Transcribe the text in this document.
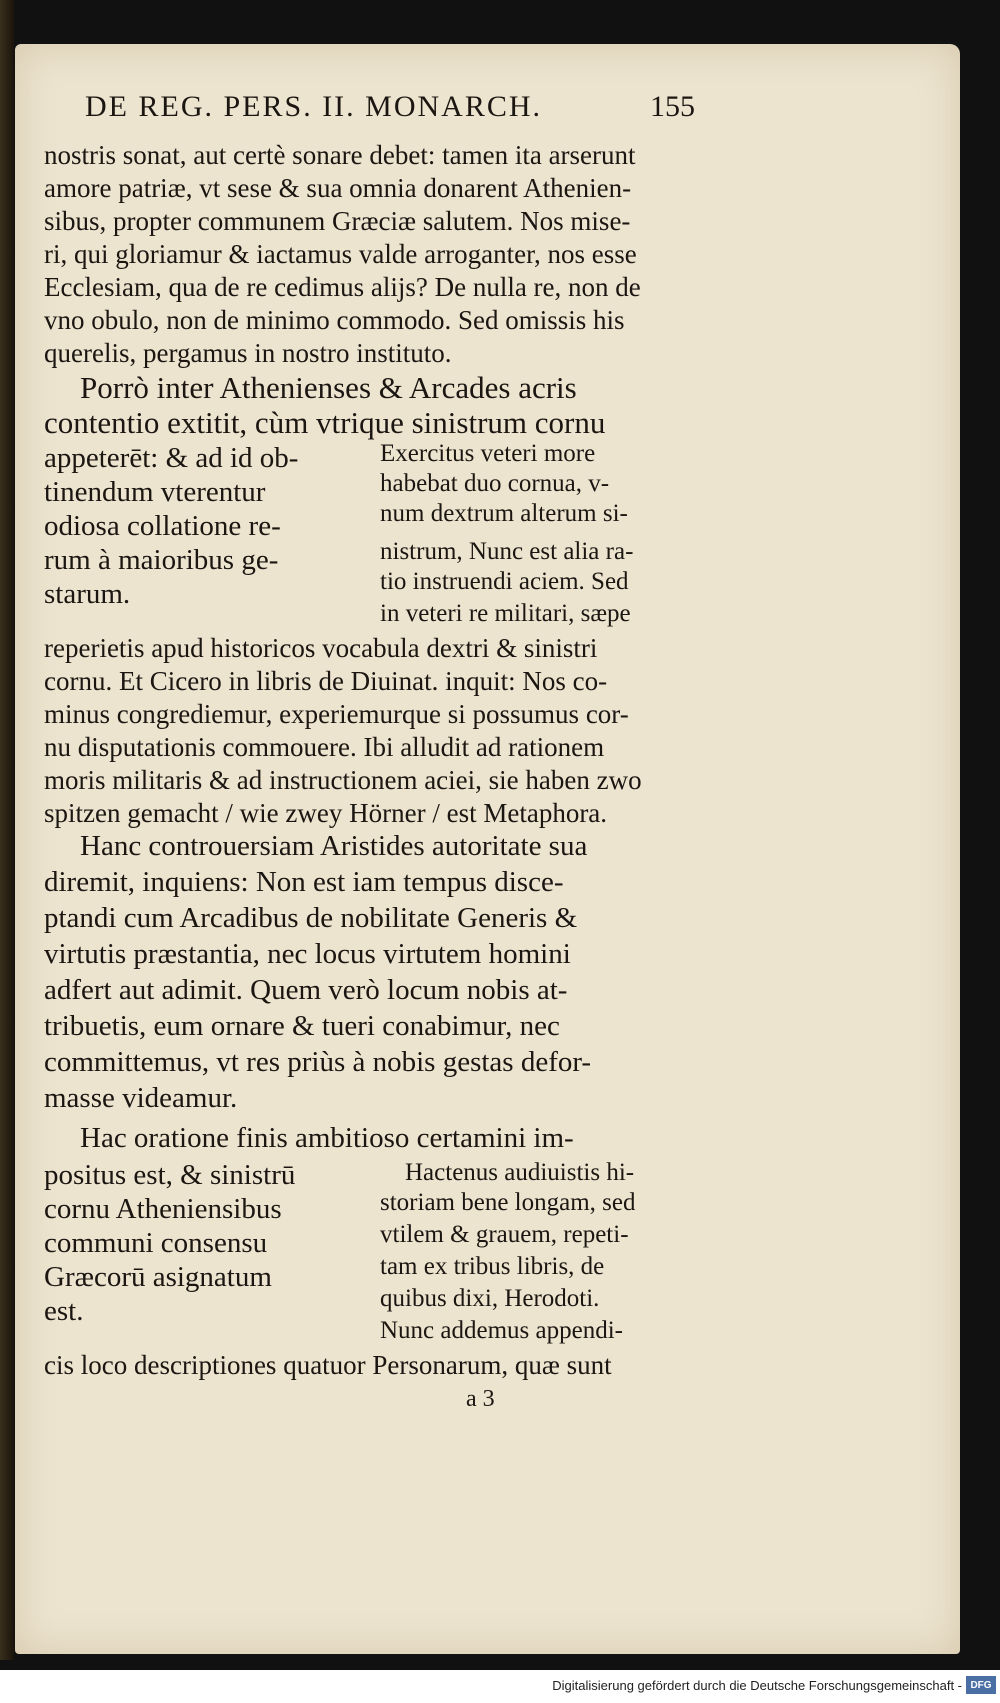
DE REG. PERS. II. MONARCH.	155
nostris sonat, aut certè sonare debet: tamen ita arserunt
amore patriæ, vt sese & sua omnia donarent Athenien-
sibus, propter communem Græciæ salutem. Nos mise-
ri, qui gloriamur & iactamus valde arroganter, nos esse
Ecclesiam, qua de re cedimus alijs? De nulla re, non de
vno obulo, non de minimo commodo. Sed omissis his
querelis, pergamus in nostro instituto.
Porrò inter Athenienses & Arcades acris
contentio extitit, cùm vtrique sinistrum cornu
appeterēt: & ad id ob-
tinendum vterentur
odiosa collatione re-
rum à maioribus ge-
starum.
Exercitus veteri more
habebat duo cornua, v-
num dextrum alterum si-
nistrum, Nunc est alia ra-
tio instruendi aciem. Sed
in veteri re militari, sæpe
reperietis apud historicos vocabula dextri & sinistri
cornu. Et Cicero in libris de Diuinat. inquit: Nos co-
minus congrediemur, experiemurque si possumus cor-
nu disputationis commouere. Ibi alludit ad rationem
moris militaris & ad instructionem aciei, sie haben zwo
spitzen gemacht / wie zwey Hörner / est Metaphora.
Hanc controuersiam Aristides autoritate sua
diremit, inquiens: Non est iam tempus disce-
ptandi cum Arcadibus de nobilitate Generis &
virtutis præstantia, nec locus virtutem homini
adfert aut adimit. Quem verò locum nobis at-
tribuetis, eum ornare & tueri conabimur, nec
committemus, vt res priùs à nobis gestas defor-
masse videamur.
Hac oratione finis ambitioso certamini im-
positus est, & sinistrū
cornu Atheniensibus
communi consensu
Græcorū asignatum
est.
Hactenus audiuistis hi-
storiam bene longam, sed
vtilem & grauem, repeti-
tam ex tribus libris, de
quibus dixi, Herodoti.
Nunc addemus appendi-
cis loco descriptiones quatuor Personarum, quæ sunt
a 3
Digitalisierung gefördert durch die Deutsche Forschungsgemeinschaft - DFG
